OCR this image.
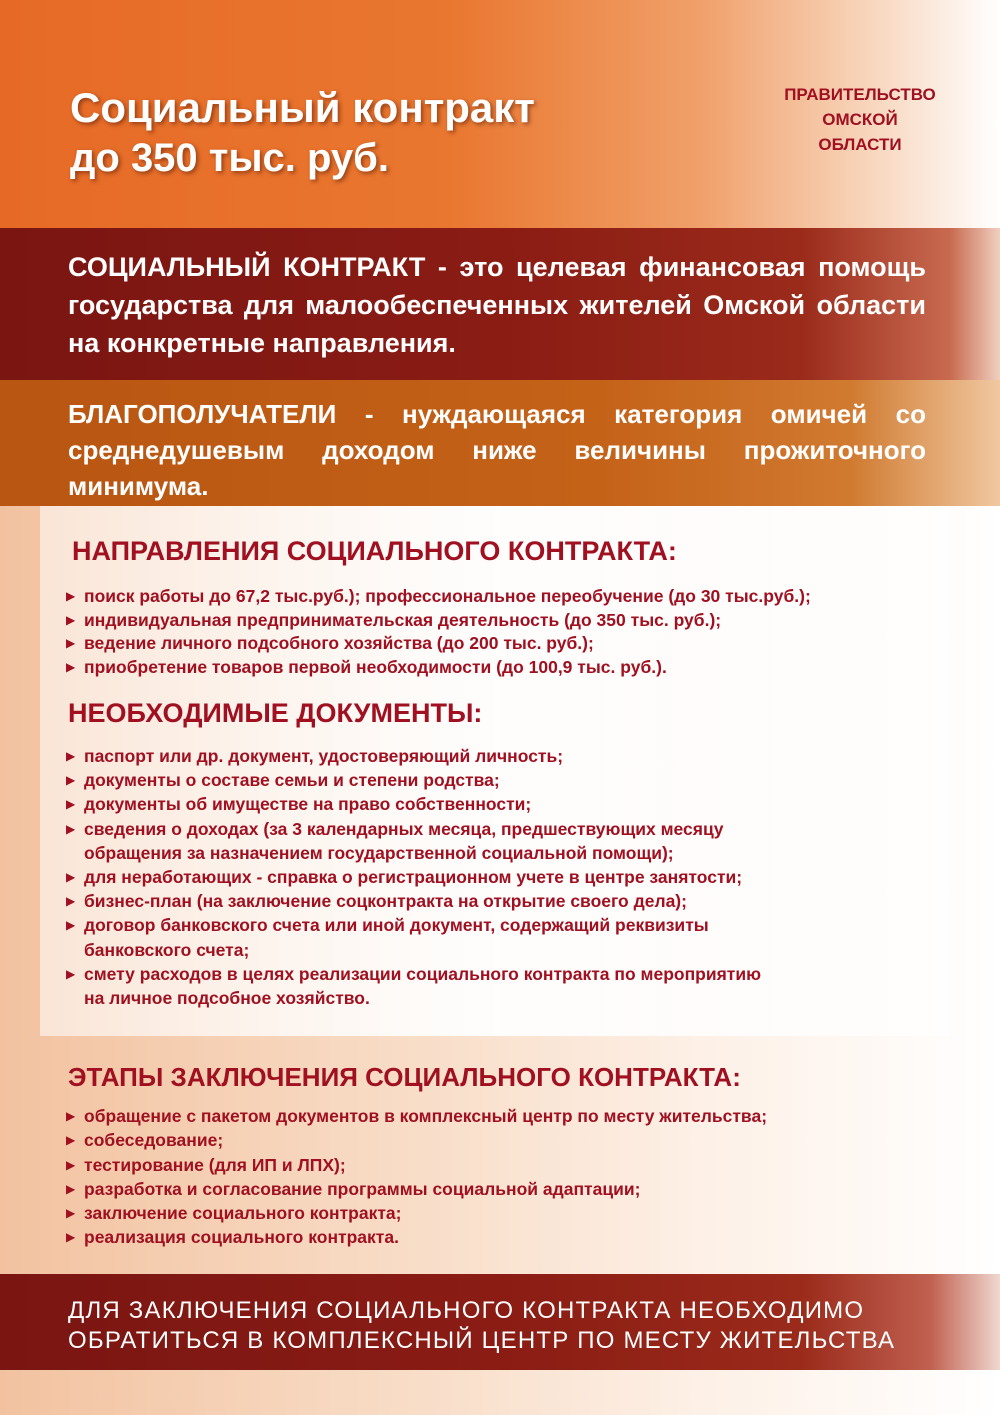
Социальный контракт
до 350 тыс. руб.
ПРАВИТЕЛЬСТВО
ОМСКОЙ
ОБЛАСТИ
СОЦИАЛЬНЫЙ КОНТРАКТ - это целевая финансовая помощь государства для малообеспеченных жителей Омской области на конкретные направления.
БЛАГОПОЛУЧАТЕЛИ - нуждающаяся категория омичей со среднедушевым доходом ниже величины прожиточного минимума.
НАПРАВЛЕНИЯ СОЦИАЛЬНОГО КОНТРАКТА:
▶ поиск работы до 67,2 тыс.руб.); профессиональное переобучение (до 30 тыс.руб.);
▶ индивидуальная предпринимательская деятельность (до 350 тыс. руб.);
▶ ведение личного подсобного хозяйства (до 200 тыс. руб.);
▶ приобретение товаров первой необходимости (до 100,9 тыс. руб.).
НЕОБХОДИМЫЕ ДОКУМЕНТЫ:
▶ паспорт или др. документ, удостоверяющий личность;
▶ документы о составе семьи и степени родства;
▶ документы об имуществе на право собственности;
▶ сведения о доходах (за 3 календарных месяца, предшествующих месяцу
обращения за назначением государственной социальной помощи);
▶ для неработающих - справка о регистрационном учете в центре занятости;
▶ бизнес-план (на заключение соцконтракта на открытие своего дела);
▶ договор банковского счета или иной документ, содержащий реквизиты
банковского счета;
▶ смету расходов в целях реализации социального контракта по мероприятию
на личное подсобное хозяйство.
ЭТАПЫ ЗАКЛЮЧЕНИЯ СОЦИАЛЬНОГО КОНТРАКТА:
▶ обращение с пакетом документов в комплексный центр по месту жительства;
▶ собеседование;
▶ тестирование (для ИП и ЛПХ);
▶ разработка и согласование программы социальной адаптации;
▶ заключение социального контракта;
▶ реализация социального контракта.
ДЛЯ ЗАКЛЮЧЕНИЯ СОЦИАЛЬНОГО КОНТРАКТА НЕОБХОДИМО
ОБРАТИТЬСЯ В КОМПЛЕКСНЫЙ ЦЕНТР ПО МЕСТУ ЖИТЕЛЬСТВА
